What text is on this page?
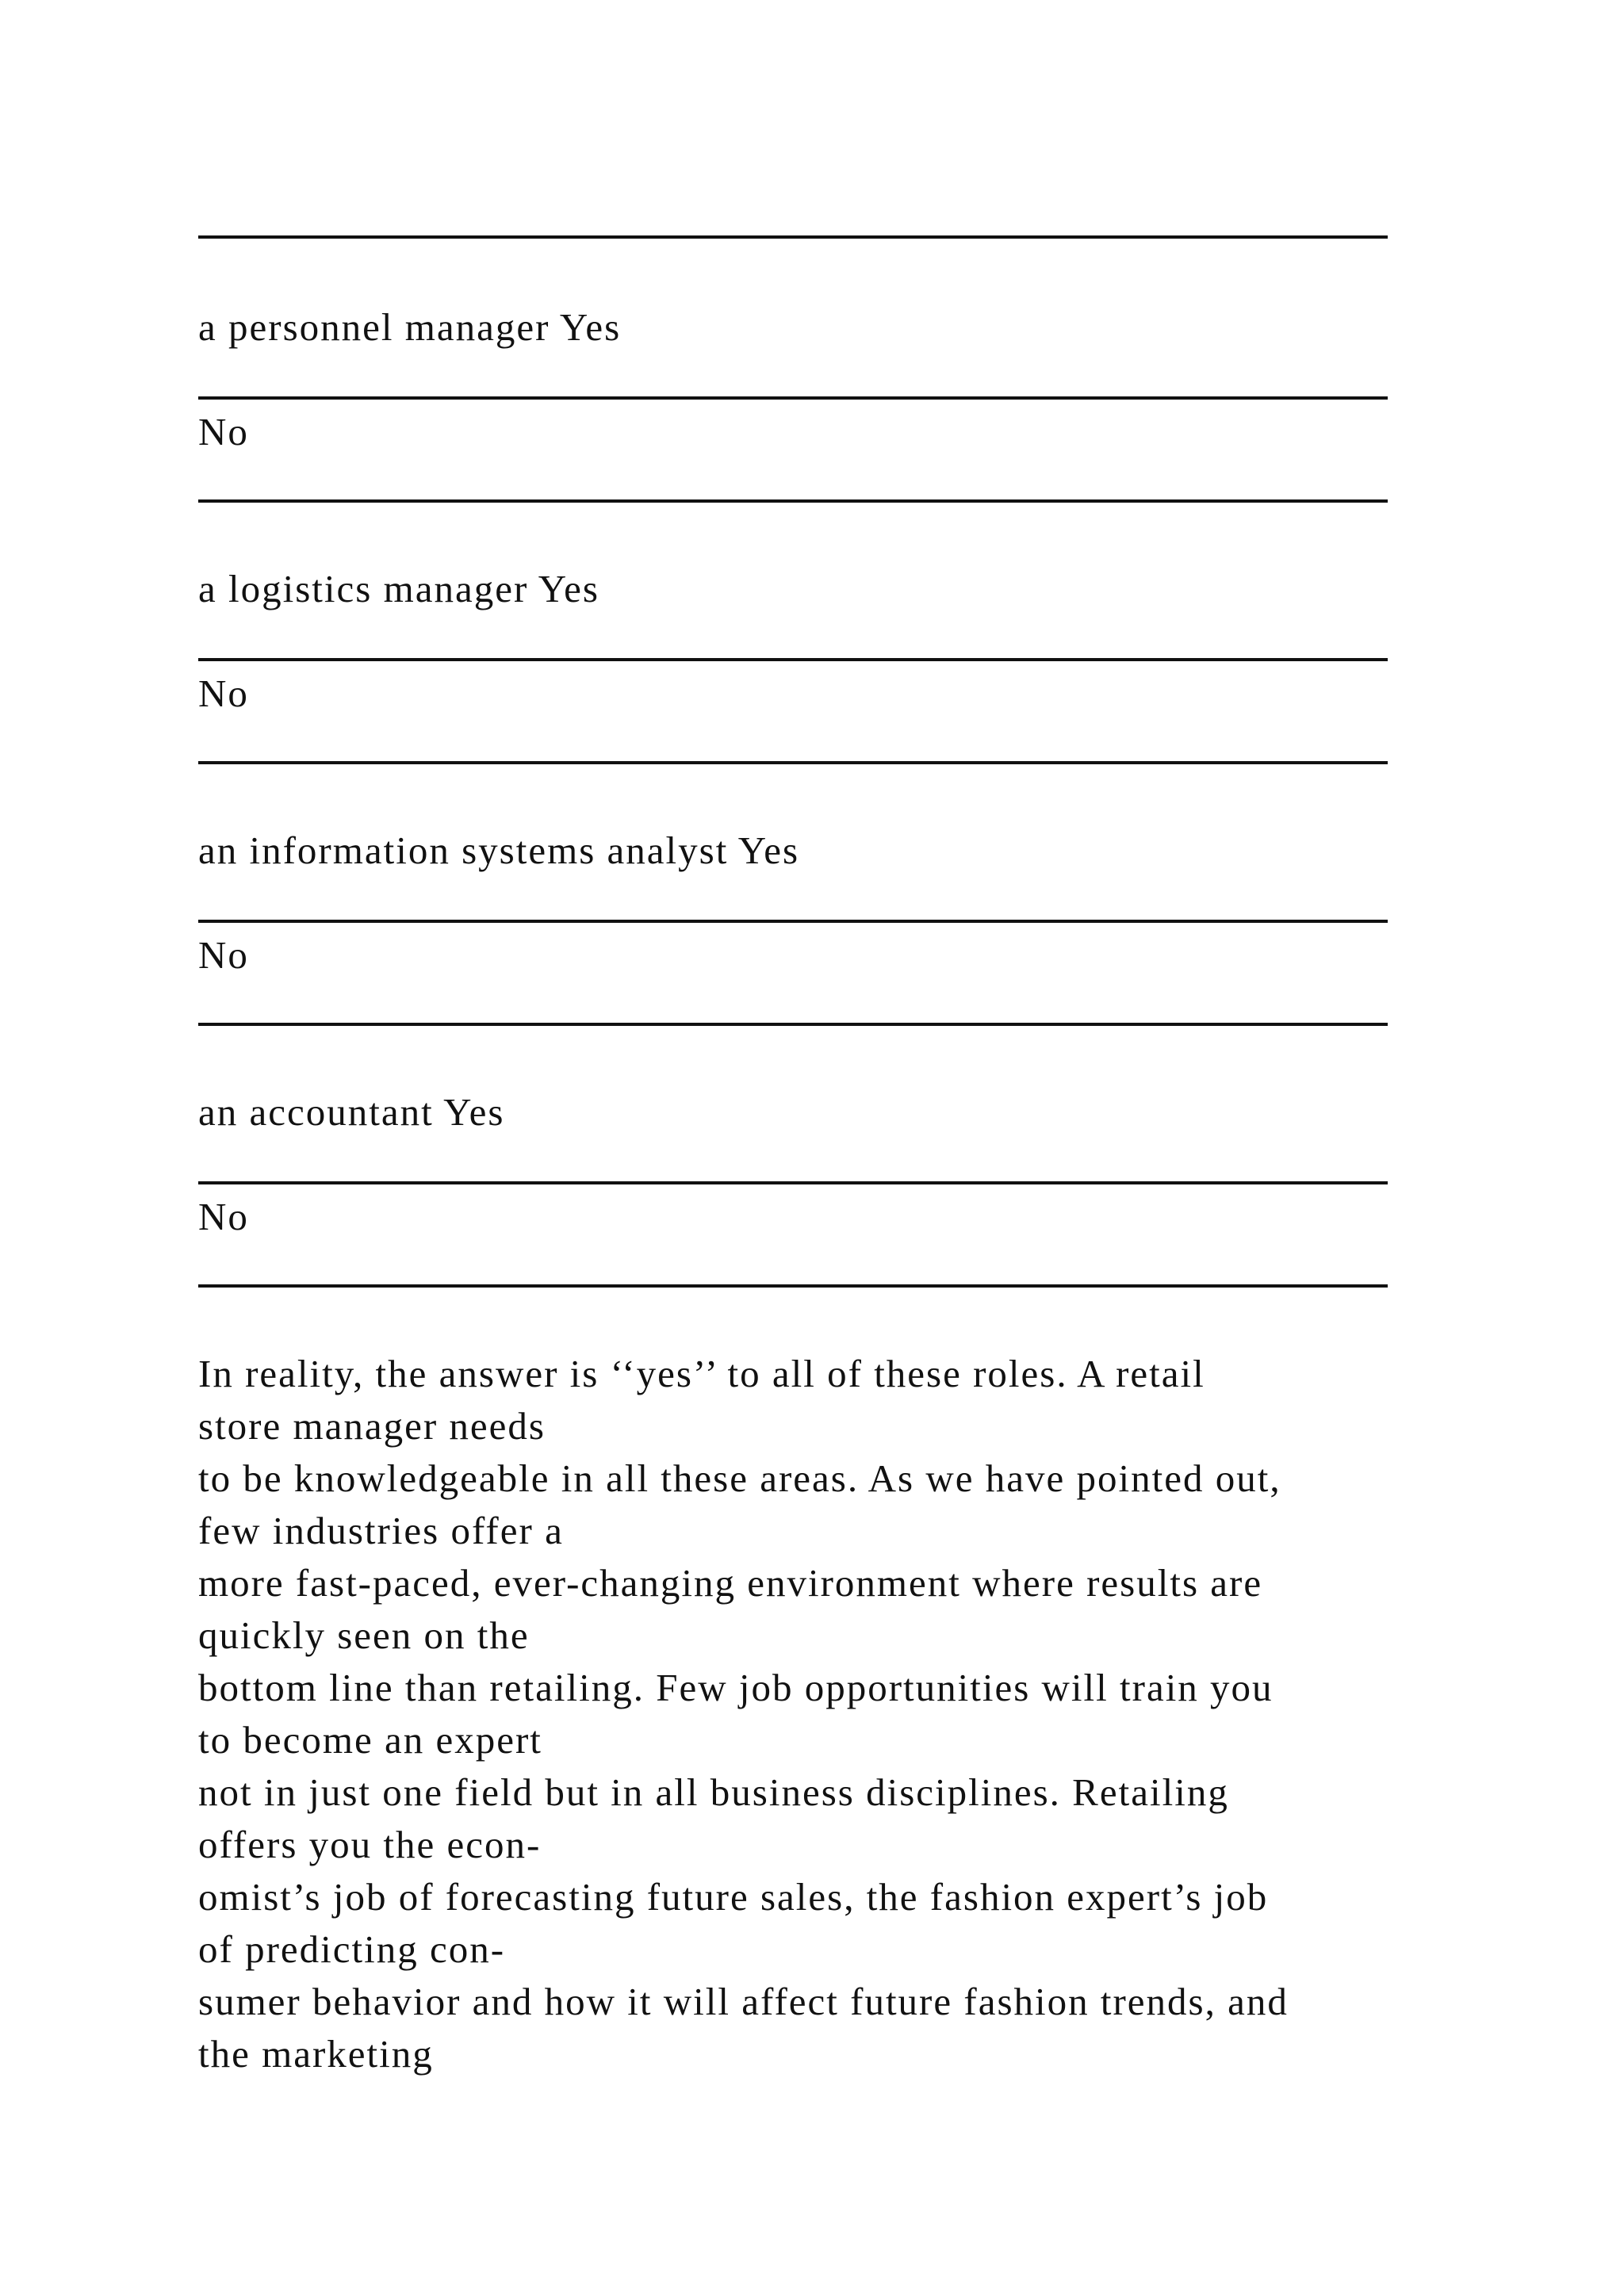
a personnel manager Yes
No
a logistics manager Yes
No
an information systems analyst Yes
No
an accountant Yes
No
In reality, the answer is ‘‘yes’’ to all of these roles. A retail
store manager needs
to be knowledgeable in all these areas. As we have pointed out,
few industries offer a
more fast-paced, ever-changing environment where results are
quickly seen on the
bottom line than retailing. Few job opportunities will train you
to become an expert
not in just one field but in all business disciplines. Retailing
offers you the econ-
omist’s job of forecasting future sales, the fashion expert’s job
of predicting con-
sumer behavior and how it will affect future fashion trends, and
the marketing
